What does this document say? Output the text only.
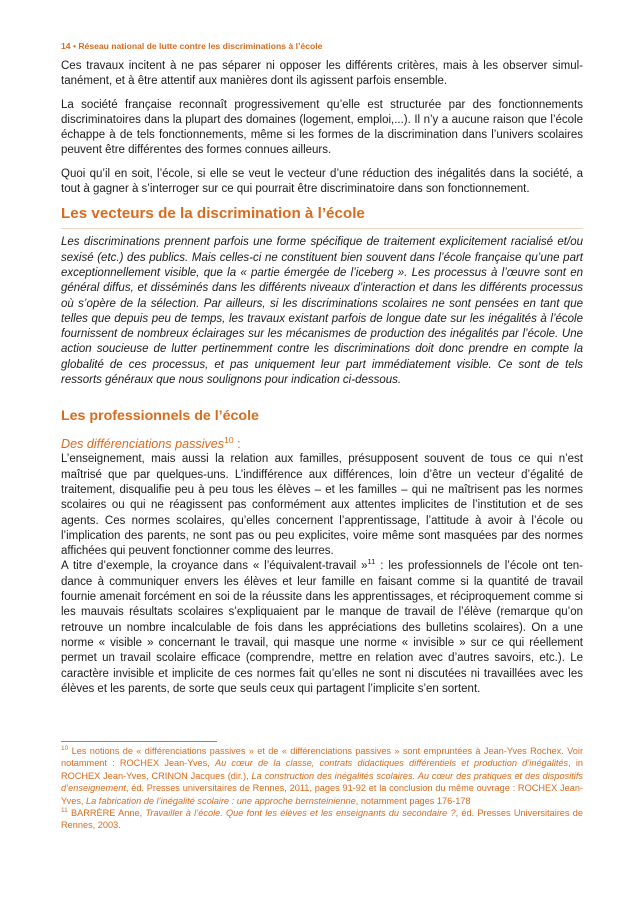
14 • Réseau national de lutte contre les discriminations à l’école

Ces travaux incitent à ne pas séparer ni opposer les différents critères, mais à les observer simultanément, et à être attentif aux manières dont ils agissent parfois ensemble.

La société française reconnaît progressivement qu’elle est structurée par des fonctionnements discriminatoires dans la plupart des domaines (logement, emploi,...). Il n’y a aucune raison que l’école échappe à de tels fonctionnements, même si les formes de la discrimination dans l’univers scolaires peuvent être différentes des formes connues ailleurs.

Quoi qu’il en soit, l’école, si elle se veut le vecteur d’une réduction des inégalités dans la société, a tout à gagner à s’interroger sur ce qui pourrait être discriminatoire dans son fonctionnement.

Les vecteurs de la discrimination à l’école

Les discriminations prennent parfois une forme spécifique de traitement explicitement racialisé et/ou sexisé (etc.) des publics. Mais celles-ci ne constituent bien souvent dans l’école française qu’une part exceptionnellement visible, que la « partie émergée de l’iceberg ». Les processus à l’œuvre sont en général diffus, et disséminés dans les différents niveaux d’interaction et dans les différents processus où s’opère de la sélection. Par ailleurs, si les discriminations scolaires ne sont pensées en tant que telles que depuis peu de temps, les travaux existant parfois de longue date sur les inégalités à l’école fournissent de nombreux éclairages sur les mécanismes de production des inégalités par l’école. Une action soucieuse de lutter pertinemment contre les discriminations doit donc prendre en compte la globalité de ces processus, et pas uniquement leur part immédiatement visible. Ce sont de tels ressorts généraux que nous soulignons pour indication ci-dessous.

Les professionnels de l’école
Des différenciations passives$^{10}$ :

L’enseignement, mais aussi la relation aux familles, présupposent souvent de tous ce qui n’est maîtrisé que par quelques-uns. L’indifférence aux différences, loin d’être un vecteur d’égalité de traitement, disqualifie peu à peu tous les élèves – et les familles – qui ne maîtrisent pas les normes scolaires ou qui ne réagissent pas conformément aux attentes implicites de l’institution et de ses agents. Ces normes scolaires, qu’elles concernent l’apprentissage, l’attitude à avoir à l’école ou l’implication des parents, ne sont pas ou peu explicites, voire même sont masquées par des normes affichées qui peuvent fonctionner comme des leurres.

A titre d’exemple, la croyance dans « l’équivalent-travail »$^{11}$ : les professionnels de l’école ont tendance à communiquer envers les élèves et leur famille en faisant comme si la quantité de travail fournie amenait forcément en soi de la réussite dans les apprentissages, et réciproquement comme si les mauvais résultats scolaires s’expliquaient par le manque de travail de l’élève (remarque qu’on retrouve un nombre incalculable de fois dans les appréciations des bulletins scolaires). On a une norme « visible » concernant le travail, qui masque une norme « invisible » sur ce qui réellement permet un travail scolaire efficace (comprendre, mettre en relation avec d’autres savoirs, etc.). Le caractère invisible et implicite de ces normes fait qu’elles ne sont ni discutées ni travaillées avec les élèves et les parents, de sorte que seuls ceux qui partagent l’implicite s’en sortent.

$^{10}$ Les notions de « différenciations passives » et de « différenciations passives » sont empruntées à Jean-Yves Rochex. Voir notamment : ROCHEX Jean-Yves, Au cœur de la classe, contrats didactiques différentiels et production d’inégalités, in ROCHEX Jean-Yves, CRINON Jacques (dir.), La construction des inégalités scolaires. Au cœur des pratiques et des dispositifs d’enseignement, éd. Presses universitaires de Rennes, 2011, pages 91-92 et la conclusion du même ouvrage : ROCHEX Jean-Yves, La fabrication de l’inégalité scolaire : une approche bernsteinienne, notamment pages 176-178

$^{11}$ BARRÈRE Anne, Travailler à l’école. Que font les élèves et les enseignants du secondaire ?, éd. Presses Universitaires de Rennes, 2003.
